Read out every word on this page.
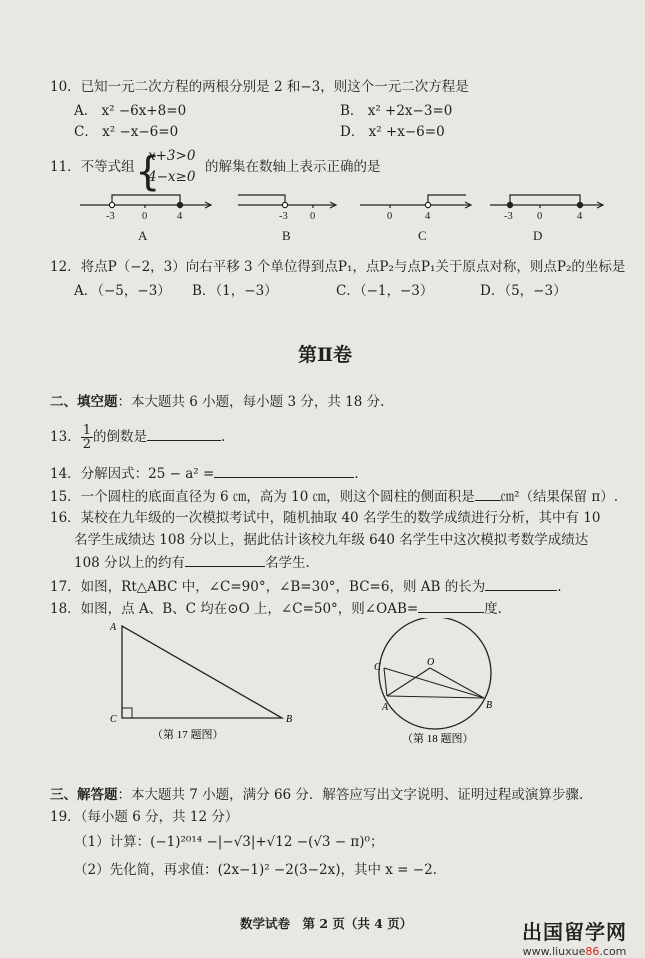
10．已知一元二次方程的两根分别是 2 和−3，则这个一元二次方程是
A． x² −6x+8=0	B． x² +2x−3=0
C． x² −x−6=0	D． x² +x−6=0
11．不等式组 {
x+3>0
4−x≥0
的解集在数轴上表示正确的是
-3	0	4	-3 0	0	4	-3 0	4
A	B	C	D
12．将点P（−2，3）向右平移 3 个单位得到点P₁，点P₂与点P₁关于原点对称，则点P₂的坐标是
A．（−5，−3） B．（1，−3）	C．（−1，−3）	D．（5，−3）
第Ⅱ卷
二、填空题：本大题共 6 小题，每小题 3 分，共 18 分.
13． $\frac{1}{2}$ 的倒数是	.
14．分解因式：25 − a² =	.
15．一个圆柱的底面直径为 6 ㎝，高为 10 ㎝，则这个圆柱的侧面积是 ㎝²（结果保留 π）.
16．某校在九年级的一次模拟考试中，随机抽取 40 名学生的数学成绩进行分析，其中有 10
名学生成绩达 108 分以上，据此估计该校九年级 640 名学生中这次模拟考数学成绩达
108 分以上的约有	名学生.
17．如图，Rt△ABC 中，∠C=90°，∠B=30°，BC=6，则 AB 的长为	.
18．如图，点 A、B、C 均在⊙O 上，∠C=50°，则∠OAB=	度.
A
C	B
（第 17 题图）
C	O
A	B
（第 18 题图）
三、解答题：本大题共 7 小题，满分 66 分．解答应写出文字说明、证明过程或演算步骤.
19．（每小题 6 分，共 12 分）
（1）计算：(−1)²⁰¹⁴ −|−√3|+√12 −(√3 − π)⁰；
（2）先化简，再求值：(2x−1)² −2(3−2x)，其中 x = −2.
数学试卷　第 2 页（共 4 页）	出国留学网
www.liuxue86.com
